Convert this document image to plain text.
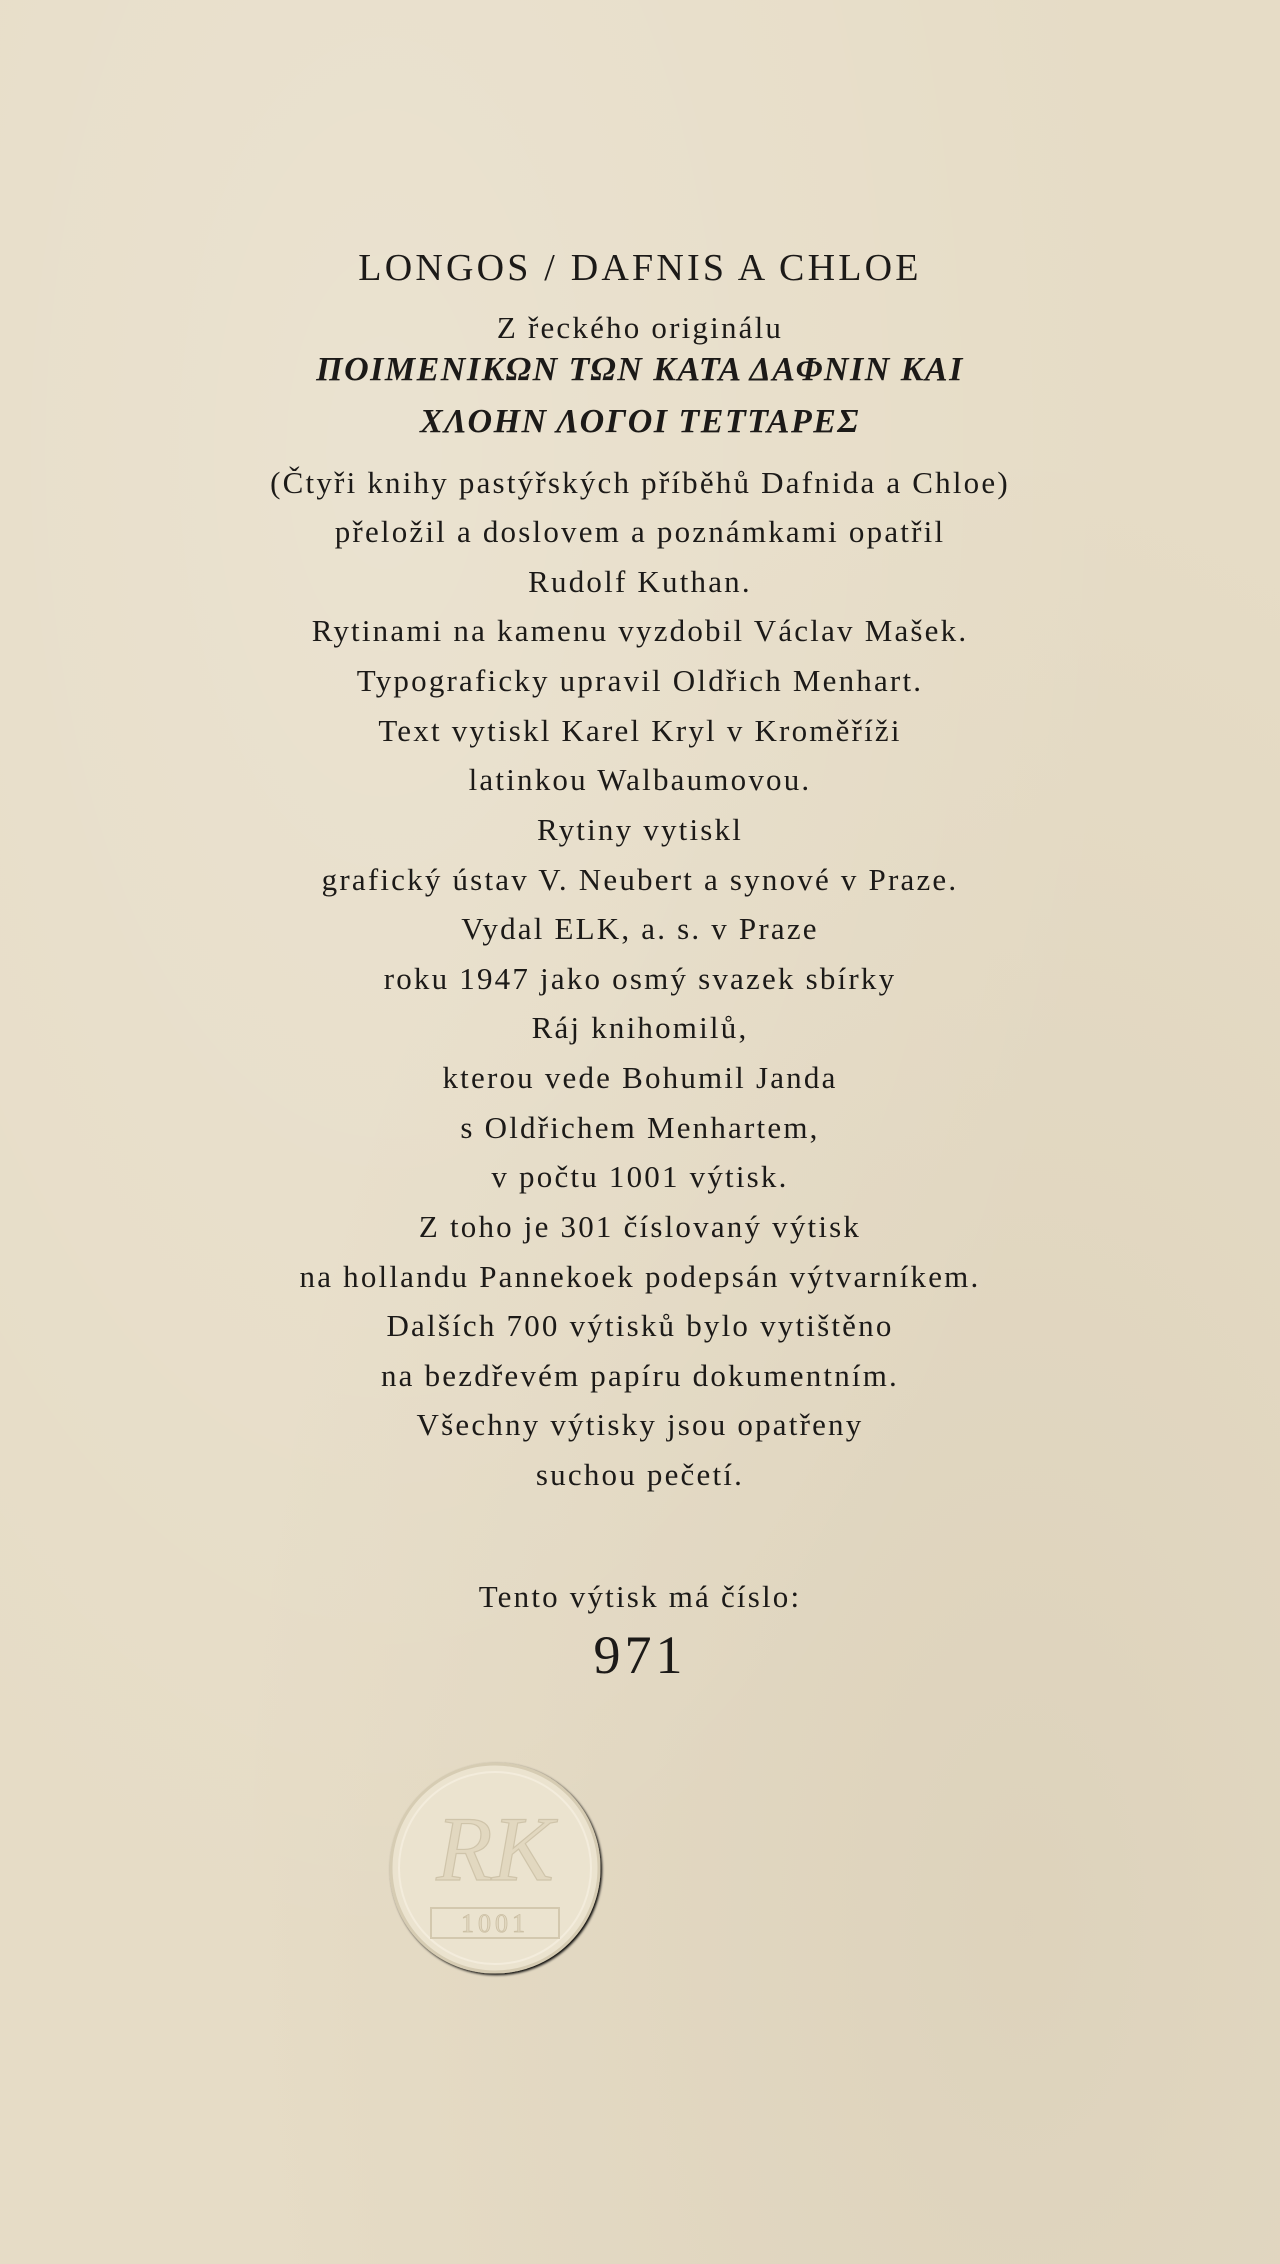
LONGOS / DAFNIS A CHLOE
Z řeckého originálu
ΠΟΙΜΕΝΙΚΩΝ ΤΩΝ ΚΑΤΑ ΔΑΦΝΙΝ ΚΑΙ
ΧΛΟΗΝ ΛΟΓΟΙ ΤΕΤΤΑΡΕΣ
(Čtyři knihy pastýřských příběhů Dafnida a Chloe)
přeložil a doslovem a poznámkami opatřil
Rudolf Kuthan.
Rytinami na kamenu vyzdobil Václav Mašek.
Typograficky upravil Oldřich Menhart.
Text vytiskl Karel Kryl v Kroměříži
latinkou Walbaumovou.
Rytiny vytiskl
grafický ústav V. Neubert a synové v Praze.
Vydal ELK, a. s. v Praze
roku 1947 jako osmý svazek sbírky
Ráj knihomilů,
kterou vede Bohumil Janda
s Oldřichem Menhartem,
v počtu 1001 výtisk.
Z toho je 301 číslovaný výtisk
na hollandu Pannekoek podepsán výtvarníkem.
Dalších 700 výtisků bylo vytištěno
na bezdřevém papíru dokumentním.
Všechny výtisky jsou opatřeny
suchou pečetí.
Tento výtisk má číslo:
971
RK
1001
